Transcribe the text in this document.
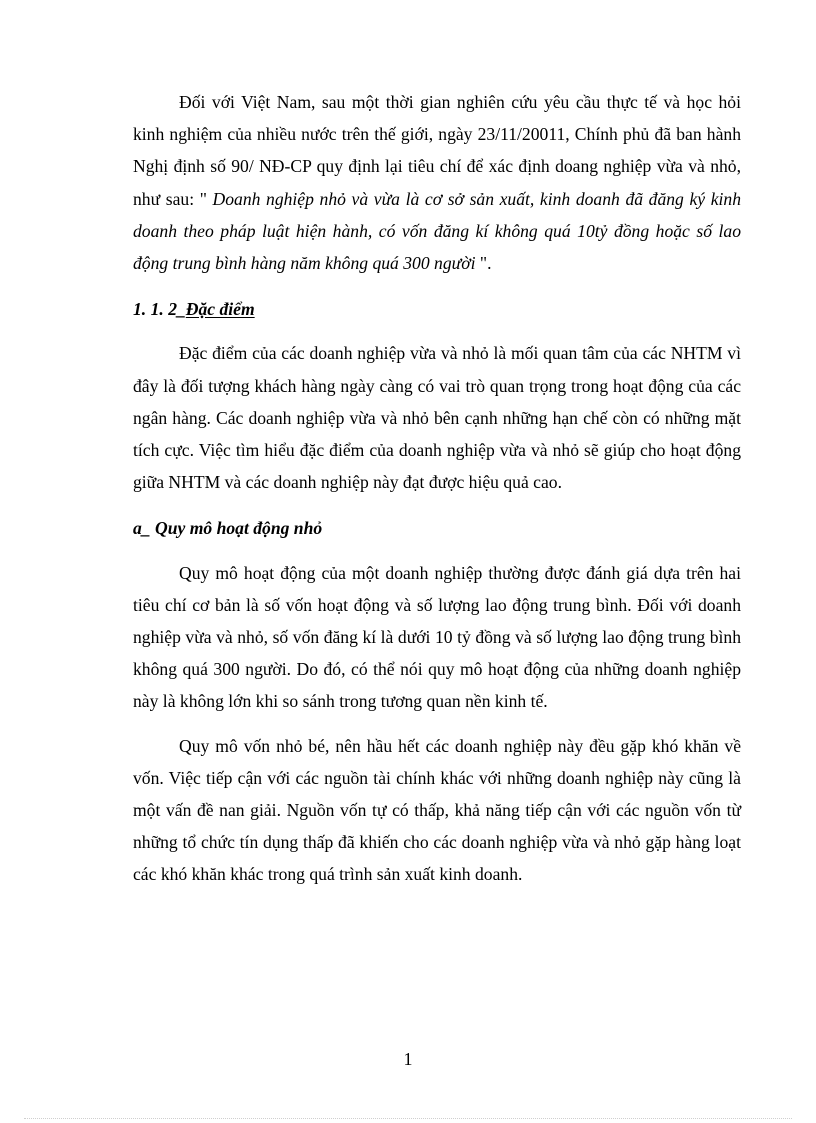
Đối với Việt Nam, sau một thời gian nghiên cứu yêu cầu thực tế và học hỏi kinh nghiệm của nhiều nước trên thế giới, ngày 23/11/20011, Chính phủ đã ban hành Nghị định số 90/ NĐ-CP quy định lại tiêu chí để xác định doang nghiệp vừa và nhỏ, như sau: " Doanh nghiệp nhỏ và vừa là cơ sở sản xuất, kinh doanh đã đăng ký kinh doanh theo pháp luật hiện hành, có vốn đăng kí không quá 10tỷ đồng hoặc số lao động trung bình hàng năm không quá 300 người ".

1. 1. 2_Đặc điểm

Đặc điểm của các doanh nghiệp vừa và nhỏ là mối quan tâm của các NHTM vì đây là đối tượng khách hàng ngày càng có vai trò quan trọng trong hoạt động của các ngân hàng. Các doanh nghiệp vừa và nhỏ bên cạnh những hạn chế còn có những mặt tích cực. Việc tìm hiểu đặc điểm của doanh nghiệp vừa và nhỏ sẽ giúp cho hoạt động giữa NHTM và các doanh nghiệp này đạt được hiệu quả cao.

a_ Quy mô hoạt động nhỏ

Quy mô hoạt động của một doanh nghiệp thường được đánh giá dựa trên hai tiêu chí cơ bản là số vốn hoạt động và số lượng lao động trung bình. Đối với doanh nghiệp vừa và nhỏ, số vốn đăng kí là dưới 10 tỷ đồng và số lượng lao động trung bình không quá 300 người. Do đó, có thể nói quy mô hoạt động của những doanh nghiệp này là không lớn khi so sánh trong tương quan nền kinh tế.

Quy mô vốn nhỏ bé, nên hầu hết các doanh nghiệp này đều gặp khó khăn về vốn. Việc tiếp cận với các nguồn tài chính khác với những doanh nghiệp này cũng là một vấn đề nan giải. Nguồn vốn tự có thấp, khả năng tiếp cận với các nguồn vốn từ những tổ chức tín dụng thấp đã khiến cho các doanh nghiệp vừa và nhỏ gặp hàng loạt các khó khăn khác trong quá trình sản xuất kinh doanh.

1
